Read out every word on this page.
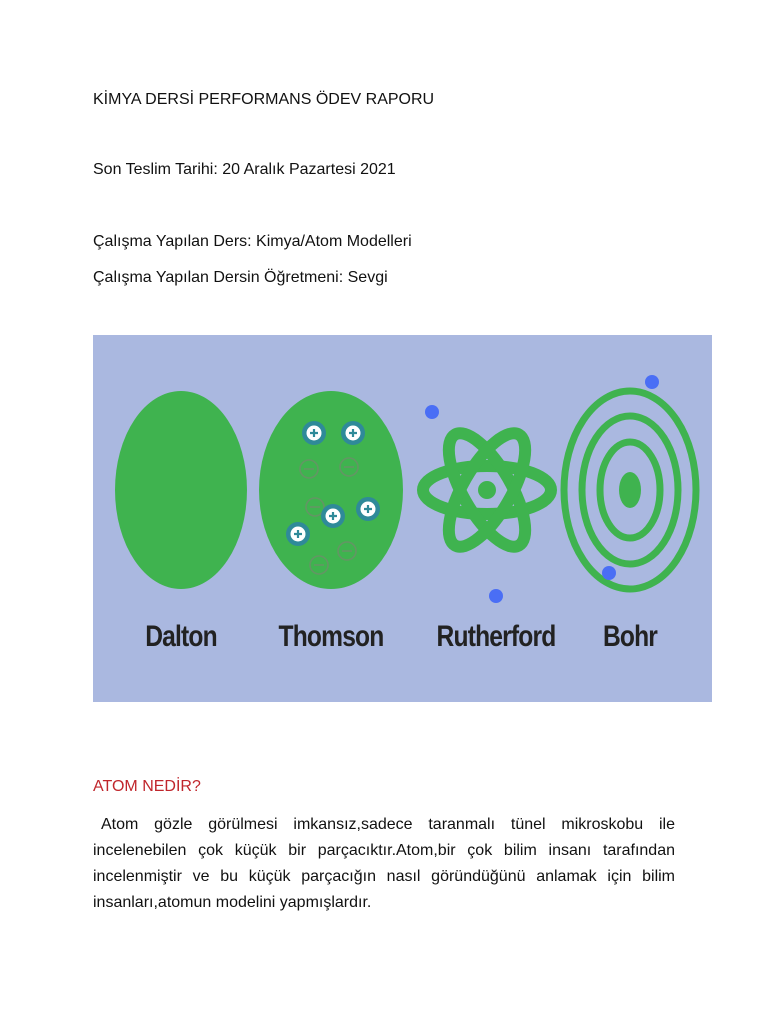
KİMYA DERSİ PERFORMANS ÖDEV RAPORU
Son Teslim Tarihi: 20 Aralık Pazartesi 2021
Çalışma Yapılan Ders: Kimya/Atom Modelleri
Çalışma Yapılan Dersin Öğretmeni: Sevgi
Dalton	Thomson Rutherford	Bohr
ATOM NEDİR?
Atom gözle görülmesi imkansız,sadece taranmalı tünel mikroskobu ile incelenebilen çok küçük bir parçacıktır.Atom,bir çok bilim insanı tarafından incelenmiştir ve bu küçük parçacığın nasıl göründüğünü anlamak için bilim insanları,atomun modelini yapmışlardır.
